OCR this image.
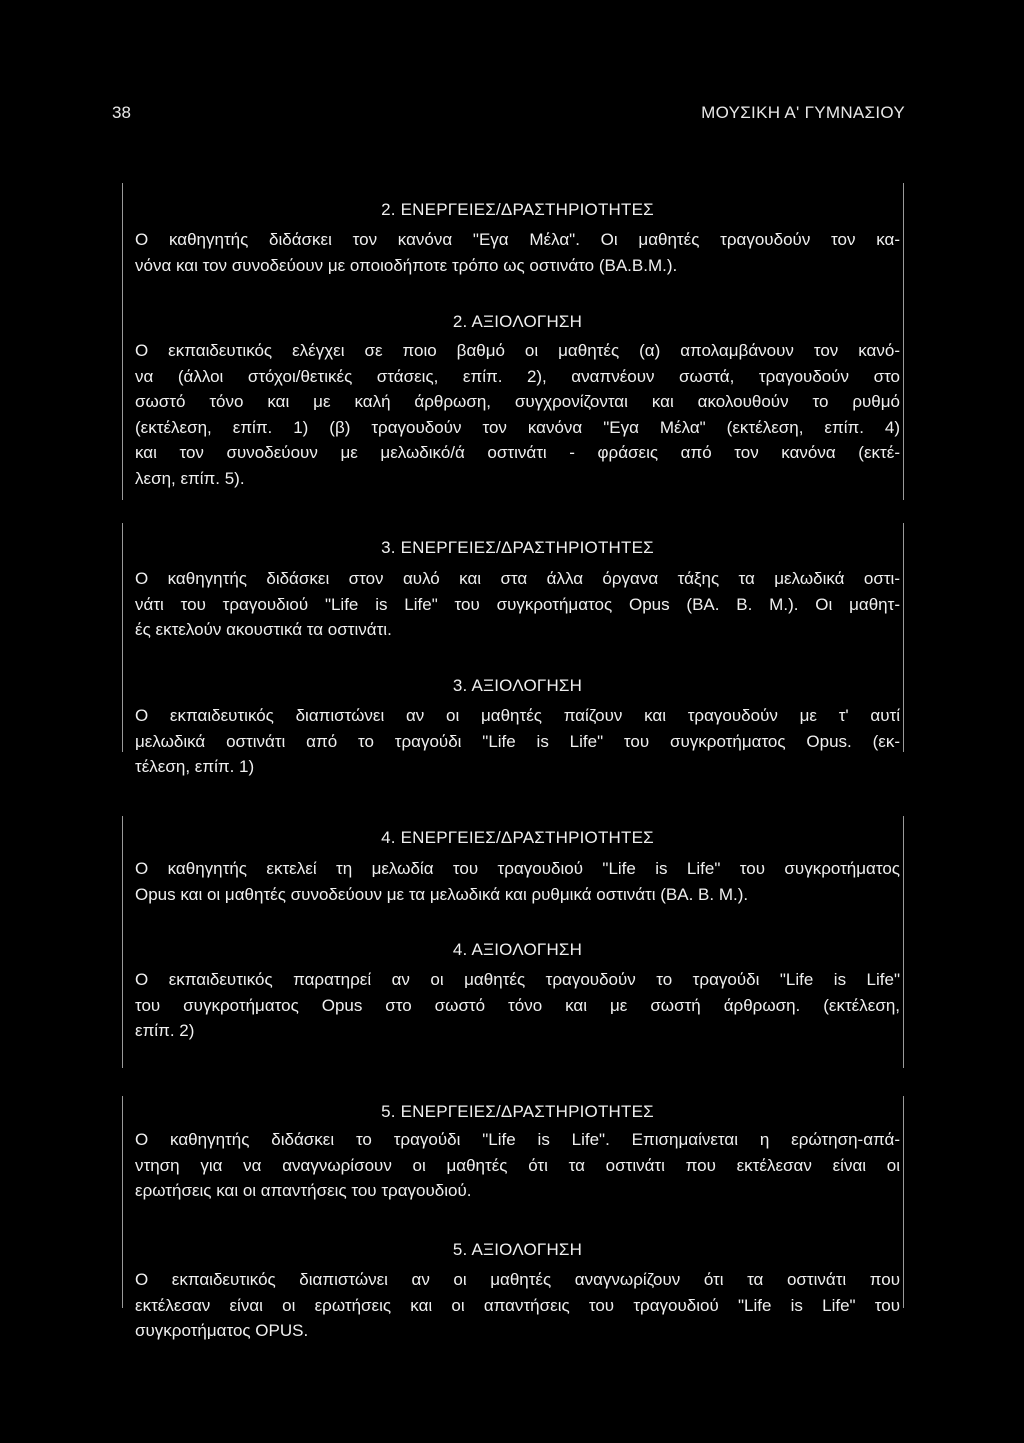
38	ΜΟΥΣΙΚΗ Α' ΓΥΜΝΑΣΙΟΥ
2. ΕΝΕΡΓΕΙΕΣ/ΔΡΑΣΤΗΡΙΟΤΗΤΕΣ
Ο καθηγητής διδάσκει τον κανόνα "Εγα Μέλα". Οι μαθητές τραγουδούν τον κα-
νόνα και τον συνοδεύουν με οποιοδήποτε τρόπο ως οστινάτο (ΒΑ.Β.Μ.).
2. ΑΞΙΟΛΟΓΗΣΗ
Ο εκπαιδευτικός ελέγχει σε ποιο βαθμό οι μαθητές (α) απολαμβάνουν τον κανό-
να (άλλοι στόχοι/θετικές στάσεις, επίπ. 2), αναπνέουν σωστά, τραγουδούν στο
σωστό τόνο και με καλή άρθρωση, συγχρονίζονται και ακολουθούν το ρυθμό
(εκτέλεση, επίπ. 1) (β) τραγουδούν τον κανόνα "Εγα Μέλα" (εκτέλεση, επίπ. 4)
και τον συνοδεύουν με μελωδικό/ά οστινάτι - φράσεις από τον κανόνα (εκτέ-
λεση, επίπ. 5).
3. ΕΝΕΡΓΕΙΕΣ/ΔΡΑΣΤΗΡΙΟΤΗΤΕΣ
Ο καθηγητής διδάσκει στον αυλό και στα άλλα όργανα τάξης τα μελωδικά οστι-
νάτι του τραγουδιού "Life is Life" του συγκροτήματος Opus (ΒΑ. Β. Μ.). Οι μαθητ-
ές εκτελούν ακουστικά τα οστινάτι.
3. ΑΞΙΟΛΟΓΗΣΗ
Ο εκπαιδευτικός διαπιστώνει αν οι μαθητές παίζουν και τραγουδούν με τ' αυτί
μελωδικά οστινάτι από το τραγούδι "Life is Life" του συγκροτήματος Opus. (εκ-
τέλεση, επίπ. 1)
4. ΕΝΕΡΓΕΙΕΣ/ΔΡΑΣΤΗΡΙΟΤΗΤΕΣ
Ο καθηγητής εκτελεί τη μελωδία του τραγουδιού "Life is Life" του συγκροτήματος
Opus και οι μαθητές συνοδεύουν με τα μελωδικά και ρυθμικά οστινάτι (ΒΑ. Β. Μ.).
4. ΑΞΙΟΛΟΓΗΣΗ
Ο εκπαιδευτικός παρατηρεί αν οι μαθητές τραγουδούν το τραγούδι "Life is Life"
του συγκροτήματος Opus στο σωστό τόνο και με σωστή άρθρωση. (εκτέλεση,
επίπ. 2)
5. ΕΝΕΡΓΕΙΕΣ/ΔΡΑΣΤΗΡΙΟΤΗΤΕΣ
Ο καθηγητής διδάσκει το τραγούδι "Life is Life". Επισημαίνεται η ερώτηση-απά-
ντηση για να αναγνωρίσουν οι μαθητές ότι τα οστινάτι που εκτέλεσαν είναι οι
ερωτήσεις και οι απαντήσεις του τραγουδιού.
5. ΑΞΙΟΛΟΓΗΣΗ
Ο εκπαιδευτικός διαπιστώνει αν οι μαθητές αναγνωρίζουν ότι τα οστινάτι που
εκτέλεσαν είναι οι ερωτήσεις και οι απαντήσεις του τραγουδιού "Life is Life" του
συγκροτήματος OPUS.
